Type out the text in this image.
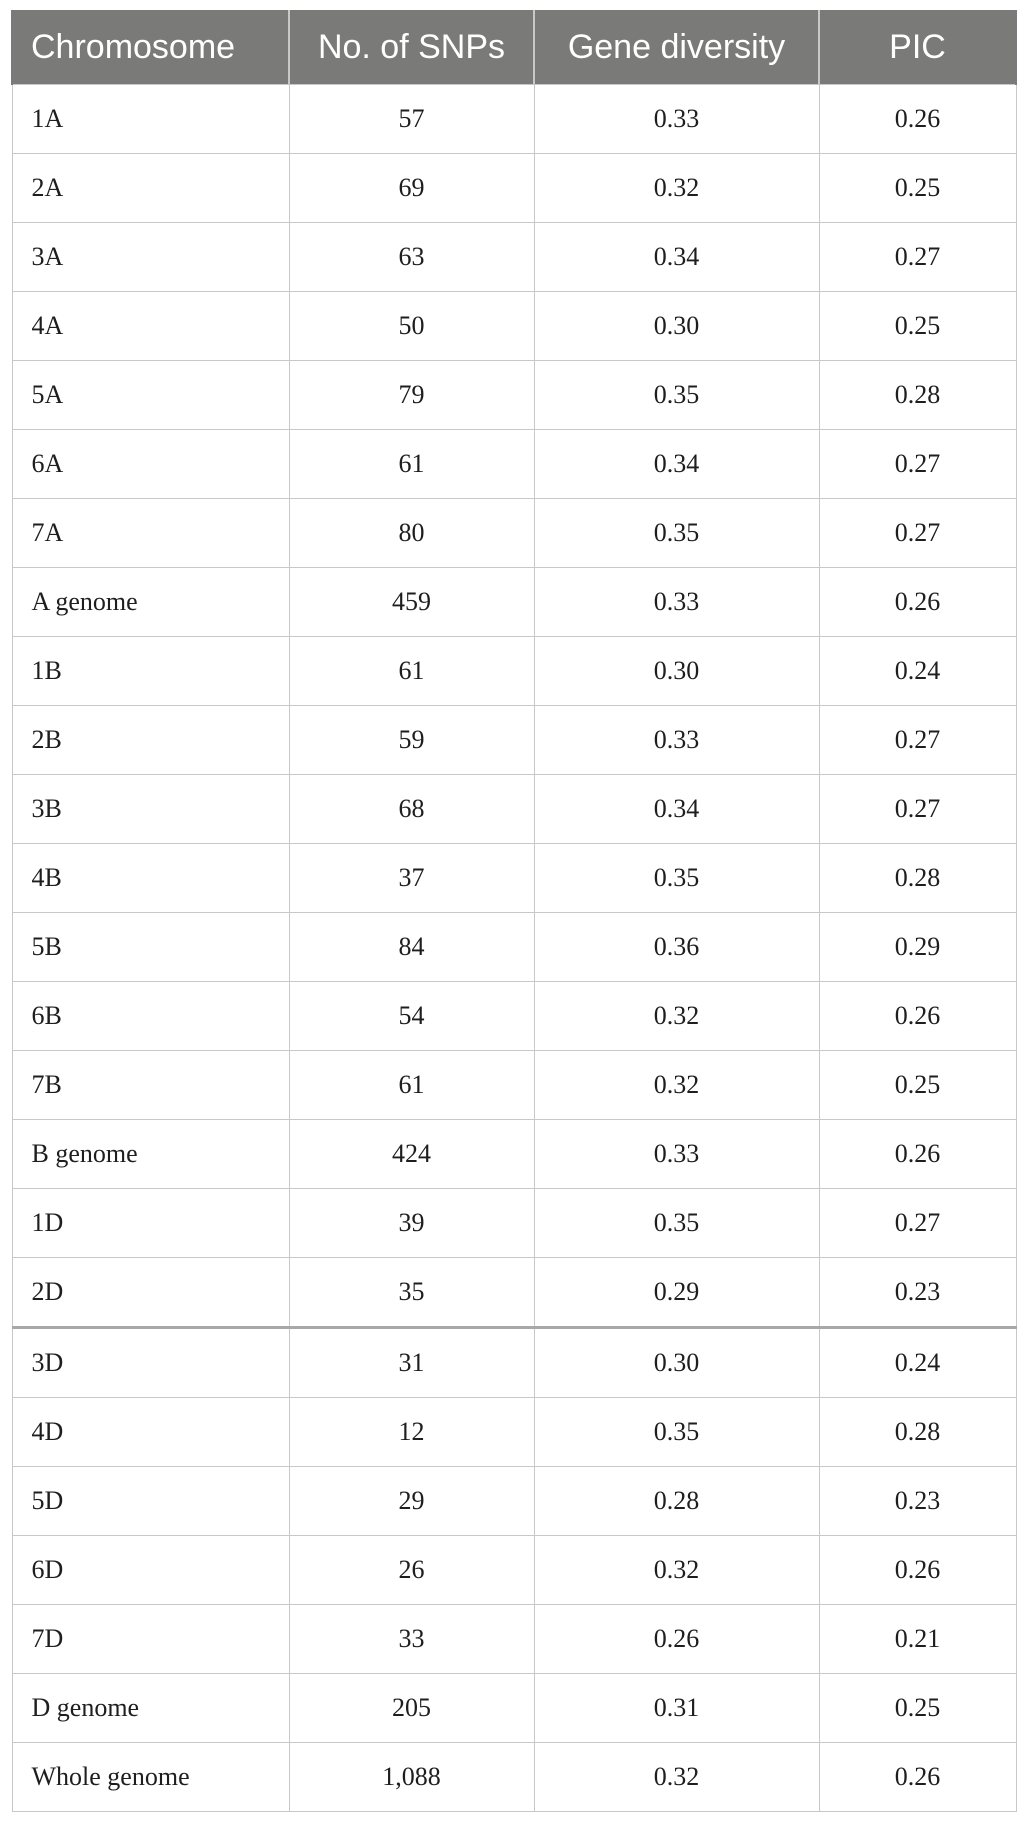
Chromosome	No. of SNPs	Gene diversity	PIC
1A	57	0.33	0.26
2A	69	0.32	0.25
3A	63	0.34	0.27
4A	50	0.30	0.25
5A	79	0.35	0.28
6A	61	0.34	0.27
7A	80	0.35	0.27
A genome	459	0.33	0.26
1B	61	0.30	0.24
2B	59	0.33	0.27
3B	68	0.34	0.27
4B	37	0.35	0.28
5B	84	0.36	0.29
6B	54	0.32	0.26
7B	61	0.32	0.25
B genome	424	0.33	0.26
1D	39	0.35	0.27
2D	35	0.29	0.23
3D	31	0.30	0.24
4D	12	0.35	0.28
5D	29	0.28	0.23
6D	26	0.32	0.26
7D	33	0.26	0.21
D genome	205	0.31	0.25
Whole genome	1,088	0.32	0.26
